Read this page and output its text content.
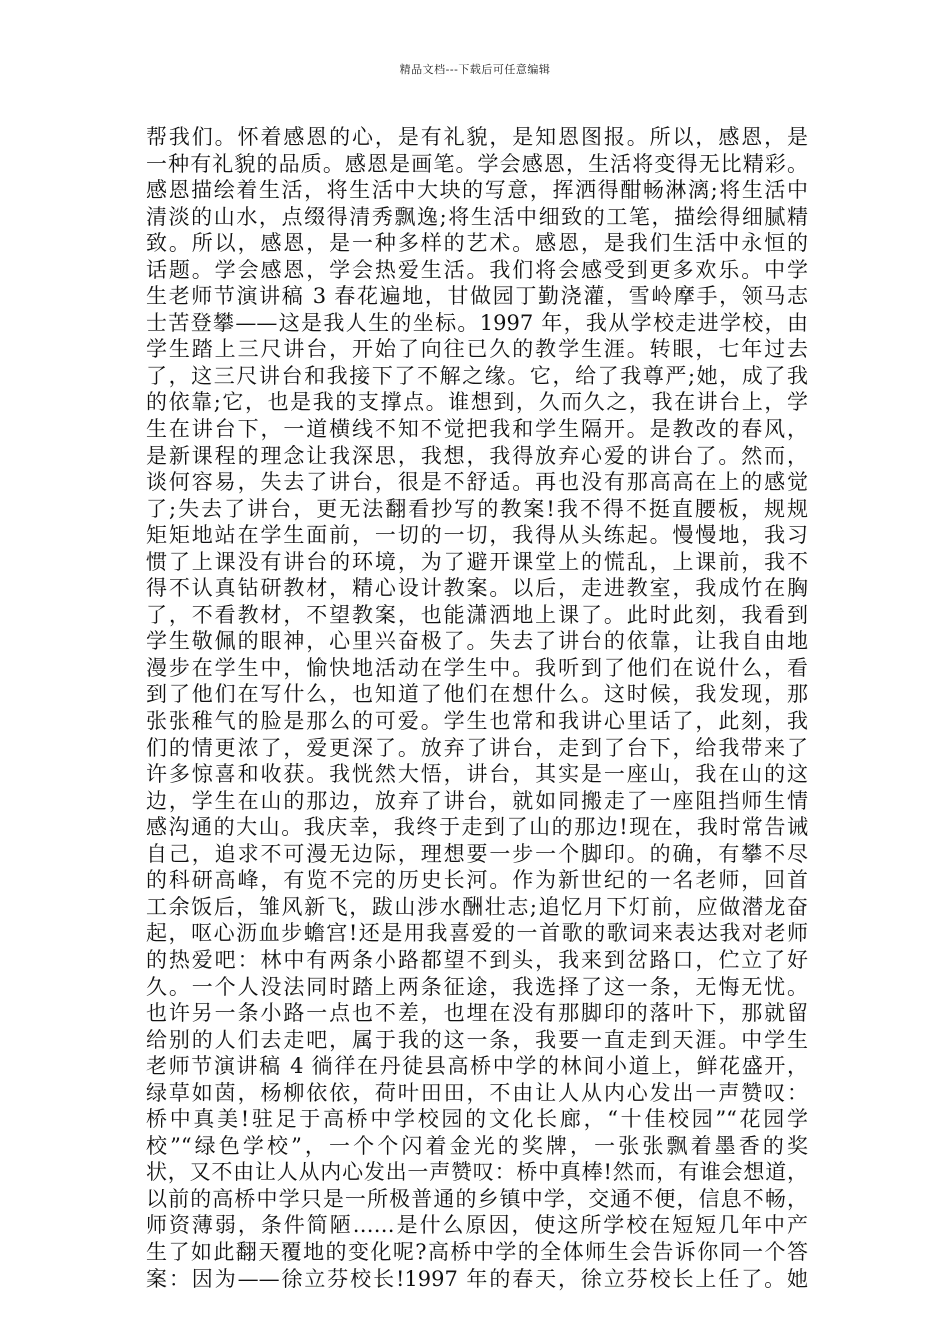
精品文档---下载后可任意编辑
帮我们。怀着感恩的心，是有礼貌，是知恩图报。所以，感恩，是
一种有礼貌的品质。感恩是画笔。学会感恩，生活将变得无比精彩。
感恩描绘着生活，将生活中大块的写意，挥洒得酣畅淋漓;将生活中
清淡的山水，点缀得清秀飘逸;将生活中细致的工笔，描绘得细腻精
致。所以，感恩，是一种多样的艺术。感恩，是我们生活中永恒的
话题。学会感恩，学会热爱生活。我们将会感受到更多欢乐。中学
生老师节演讲稿 3 春花遍地，甘做园丁勤浇灌，雪岭摩手，领马志
士苦登攀——这是我人生的坐标。1997 年，我从学校走进学校，由
学生踏上三尺讲台，开始了向往已久的教学生涯。转眼，七年过去
了，这三尺讲台和我接下了不解之缘。它，给了我尊严;她，成了我
的依靠;它，也是我的支撑点。谁想到，久而久之，我在讲台上，学
生在讲台下，一道横线不知不觉把我和学生隔开。是教改的春风，
是新课程的理念让我深思，我想，我得放弃心爱的讲台了。然而，
谈何容易，失去了讲台，很是不舒适。再也没有那高高在上的感觉
了;失去了讲台，更无法翻看抄写的教案!我不得不挺直腰板，规规
矩矩地站在学生面前，一切的一切，我得从头练起。慢慢地，我习
惯了上课没有讲台的环境，为了避开课堂上的慌乱，上课前，我不
得不认真钻研教材，精心设计教案。以后，走进教室，我成竹在胸
了，不看教材，不望教案，也能潇洒地上课了。此时此刻，我看到
学生敬佩的眼神，心里兴奋极了。失去了讲台的依靠，让我自由地
漫步在学生中，愉快地活动在学生中。我听到了他们在说什么，看
到了他们在写什么，也知道了他们在想什么。这时候，我发现，那
张张稚气的脸是那么的可爱。学生也常和我讲心里话了，此刻，我
们的情更浓了，爱更深了。放弃了讲台，走到了台下，给我带来了
许多惊喜和收获。我恍然大悟，讲台，其实是一座山，我在山的这
边，学生在山的那边，放弃了讲台，就如同搬走了一座阻挡师生情
感沟通的大山。我庆幸，我终于走到了山的那边!现在，我时常告诫
自己，追求不可漫无边际，理想要一步一个脚印。的确，有攀不尽
的科研高峰，有览不完的历史长河。作为新世纪的一名老师，回首
工余饭后，雏风新飞，跋山涉水酬壮志;追忆月下灯前，应做潜龙奋
起，呕心沥血步蟾宫!还是用我喜爱的一首歌的歌词来表达我对老师
的热爱吧：林中有两条小路都望不到头，我来到岔路口，伫立了好
久。一个人没法同时踏上两条征途，我选择了这一条，无悔无忧。
也许另一条小路一点也不差，也埋在没有那脚印的落叶下，那就留
给别的人们去走吧，属于我的这一条，我要一直走到天涯。中学生
老师节演讲稿 4 徜徉在丹徒县高桥中学的林间小道上，鲜花盛开，
绿草如茵，杨柳依依，荷叶田田，不由让人从内心发出一声赞叹：
桥中真美!驻足于高桥中学校园的文化长廊，“十佳校园”“花园学
校”“绿色学校”，一个个闪着金光的奖牌，一张张飘着墨香的奖
状，又不由让人从内心发出一声赞叹：桥中真棒!然而，有谁会想道，
以前的高桥中学只是一所极普通的乡镇中学，交通不便，信息不畅，
师资薄弱，条件简陋……是什么原因，使这所学校在短短几年中产
生了如此翻天覆地的变化呢?高桥中学的全体师生会告诉你同一个答
案：因为——徐立芬校长!1997 年的春天，徐立芬校长上任了。她
